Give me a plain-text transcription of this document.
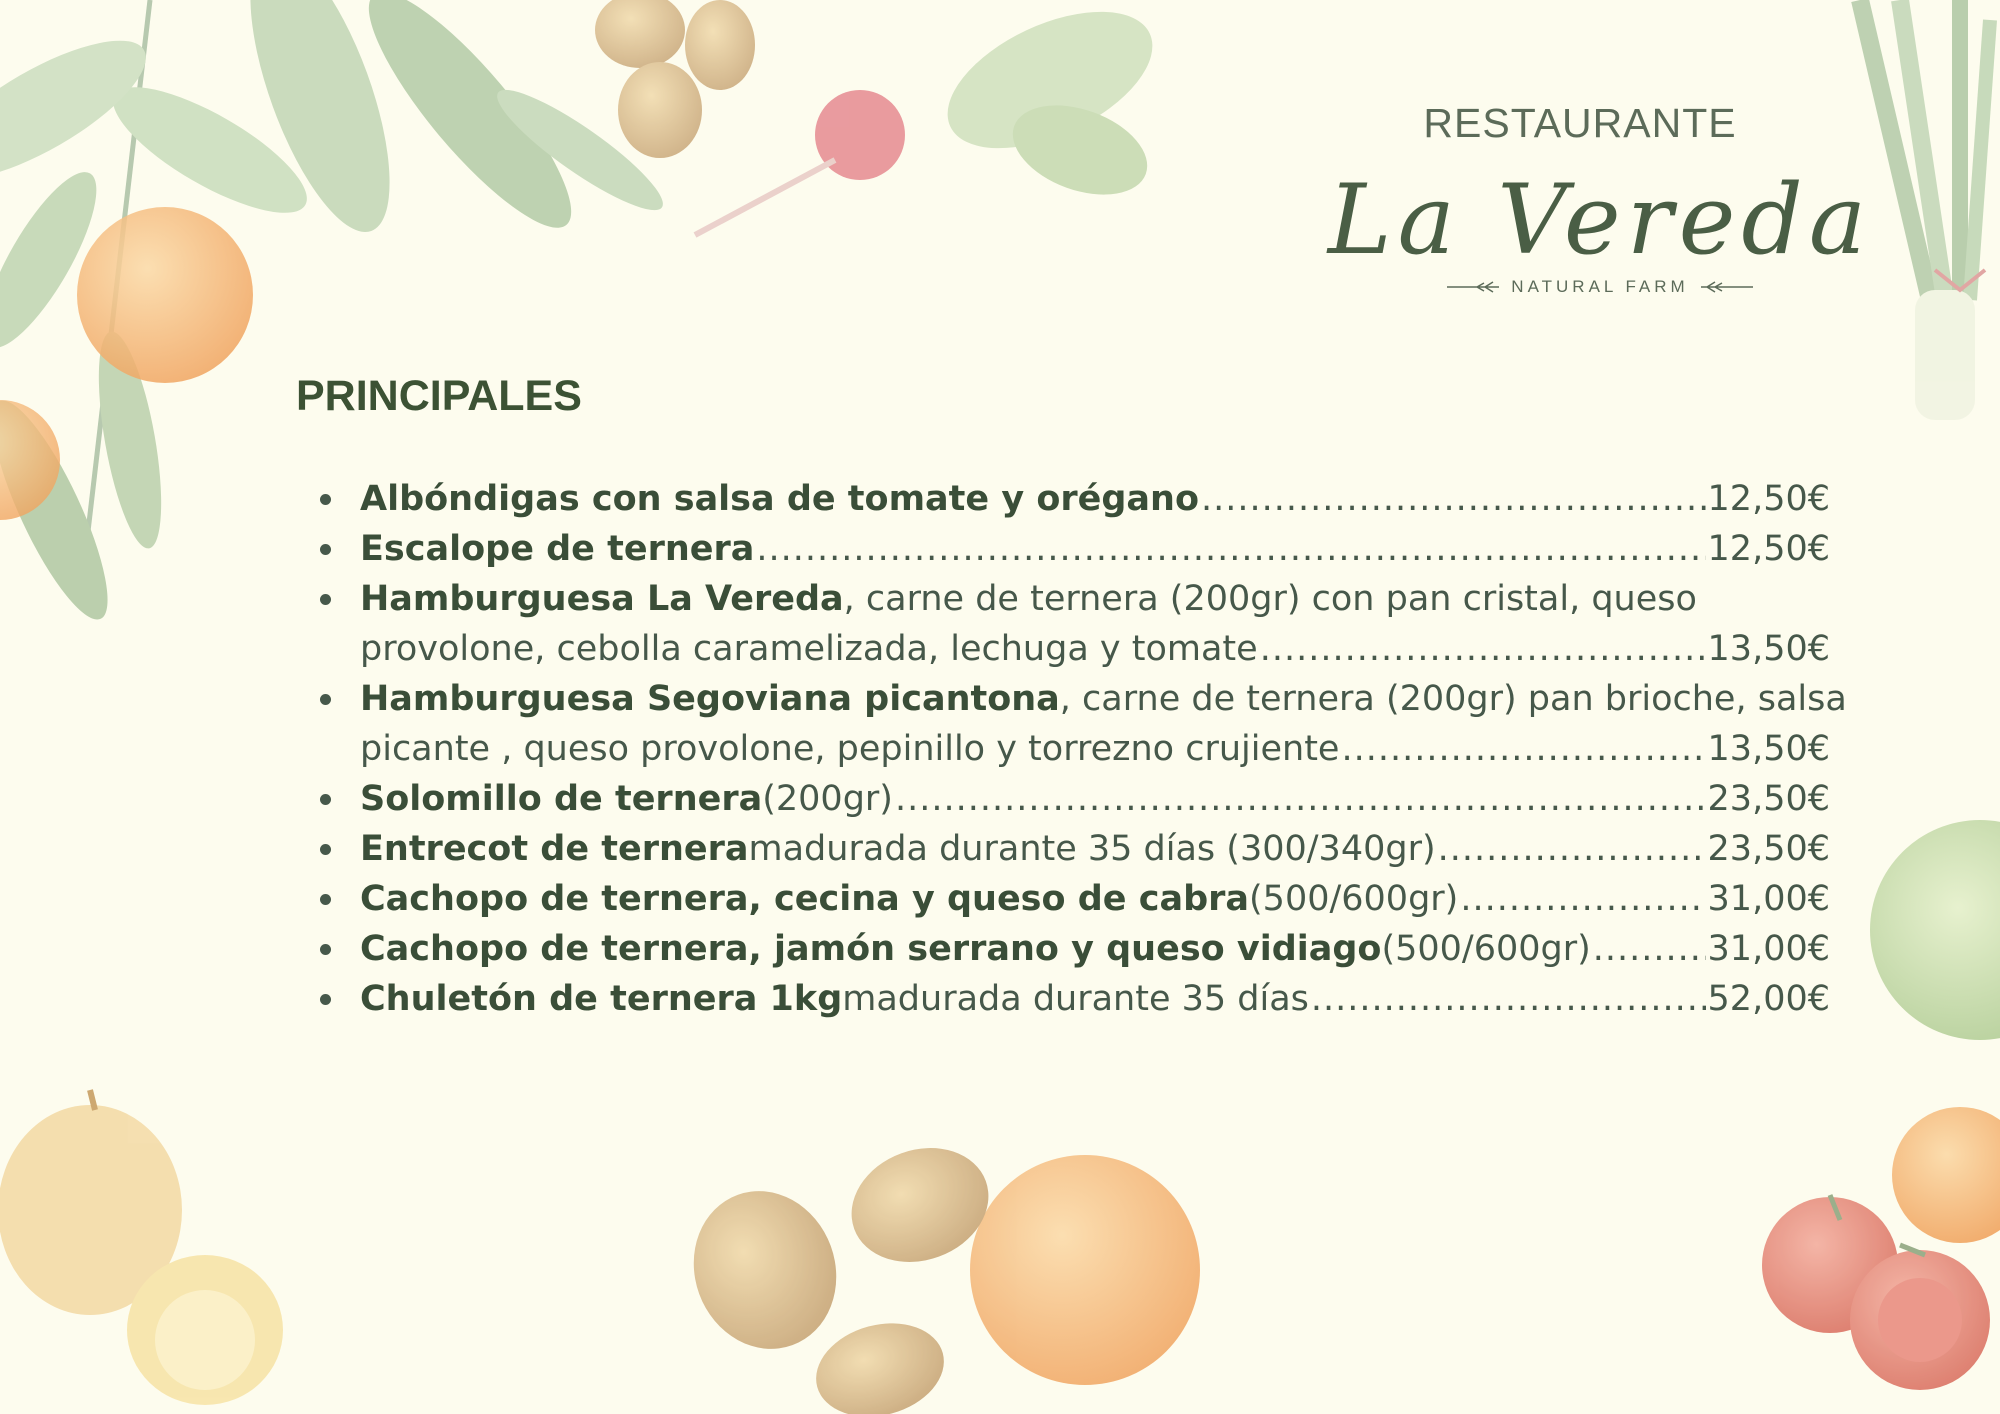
RESTAURANTE
La Vereda
NATURAL FARM
PRINCIPALES
Albóndigas con salsa de tomate y orégano .....	12,50€
Escalope de ternera .....	12,50€
Hamburguesa La Vereda , carne de ternera (200gr) con pan cristal, queso
provolone, cebolla caramelizada, lechuga y tomate .....	13,50€
Hamburguesa Segoviana picantona , carne de ternera (200gr) pan brioche, salsa
picante , queso provolone, pepinillo y torrezno crujiente .....	13,50€
Solomillo de ternera (200gr) .....	23,50€
Entrecot de ternera madurada durante 35 días (300/340gr) .....	23,50€
Cachopo de ternera, cecina y queso de cabra (500/600gr) .....	31,00€
Cachopo de ternera, jamón serrano y queso vidiago (500/600gr) .....	31,00€
Chuletón de ternera 1kg madurada durante 35 días .....	52,00€
